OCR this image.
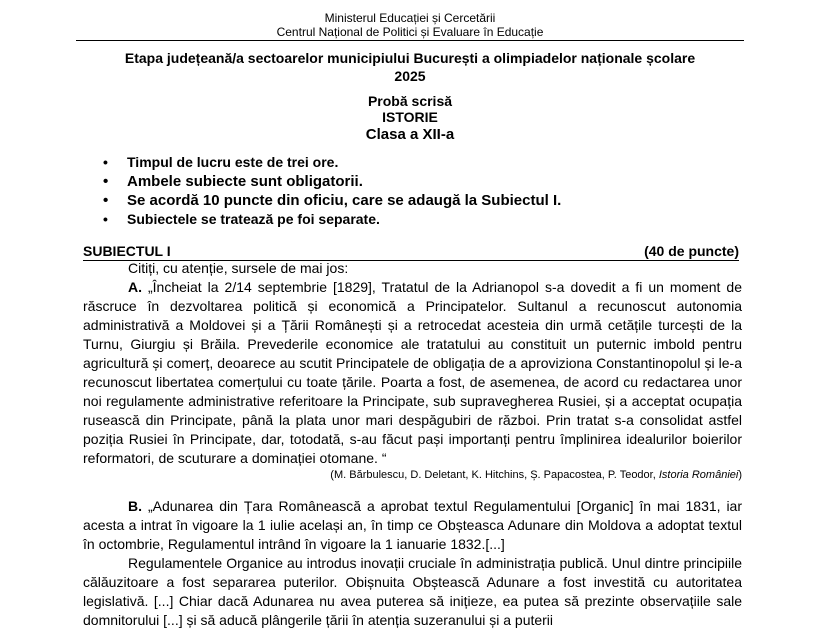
Ministerul Educației și Cercetării
Centrul Național de Politici și Evaluare în Educație
Etapa județeană/a sectoarelor municipiului București a olimpiadelor naționale școlare
2025
Probă scrisă
ISTORIE
Clasa a XII-a
• Timpul de lucru este de trei ore.
• Ambele subiecte sunt obligatorii.
• Se acordă 10 puncte din oficiu, care se adaugă la Subiectul I.
• Subiectele se tratează pe foi separate.
SUBIECTUL I	(40 de puncte)

Citiți, cu atenție, sursele de mai jos:

A. „Încheiat la 2/14 septembrie [1829], Tratatul de la Adrianopol s-a dovedit a fi un moment de răscruce în dezvoltarea politică și economică a Principatelor. Sultanul a recunoscut autonomia administrativă a Moldovei și a Țării Românești și a retrocedat acesteia din urmă cetățile turcești de la Turnu, Giurgiu și Brăila. Prevederile economice ale tratatului au constituit un puternic imbold pentru agricultură și comerț, deoarece au scutit Principatele de obligația de a aproviziona Constantinopolul și le-a recunoscut libertatea comerțului cu toate țările. Poarta a fost, de asemenea, de acord cu redactarea unor noi regulamente administrative referitoare la Principate, sub supravegherea Rusiei, și a acceptat ocupația rusească din Principate, până la plata unor mari despăgubiri de război. Prin tratat s-a consolidat astfel poziția Rusiei în Principate, dar, totodată, s-au făcut pași importanți pentru împlinirea idealurilor boierilor reformatori, de scuturare a dominației otomane. “

(M. Bărbulescu, D. Deletant, K. Hitchins, Ș. Papacostea, P. Teodor, Istoria României)

B. „Adunarea din Țara Românească a aprobat textul Regulamentului [Organic] în mai 1831, iar acesta a intrat în vigoare la 1 iulie același an, în timp ce Obșteasca Adunare din Moldova a adoptat textul în octombrie, Regulamentul intrând în vigoare la 1 ianuarie 1832.[...]

Regulamentele Organice au introdus inovații cruciale în administrația publică. Unul dintre principiile călăuzitoare a fost separarea puterilor. Obișnuita Obștească Adunare a fost investită cu autoritatea legislativă. [...] Chiar dacă Adunarea nu avea puterea să inițieze, ea putea să prezinte observațiile sale domnitorului [...] și să aducă plângerile țării în atenția suzeranului și a puterii
